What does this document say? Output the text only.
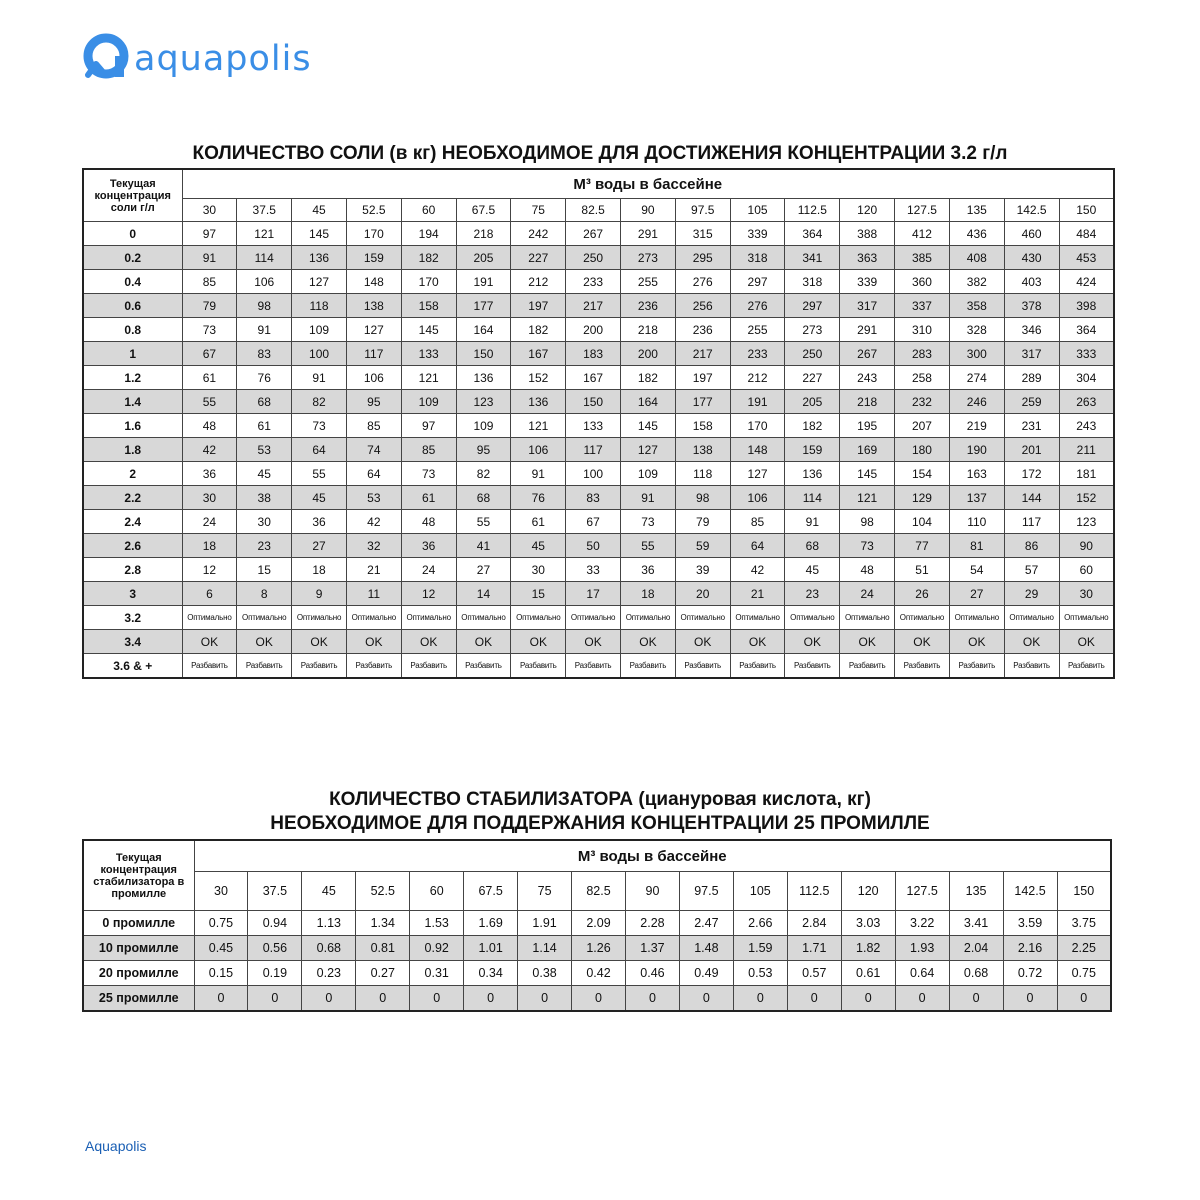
aquapolis
КОЛИЧЕСТВО СОЛИ (в кг) НЕОБХОДИМОЕ ДЛЯ ДОСТИЖЕНИЯ КОНЦЕНТРАЦИИ 3.2 г/л
Текущая концентрация соли г/л	М³ воды в бассейне																
	30	37.5	45	52.5	60	67.5	75	82.5	90	97.5	105	112.5	120	127.5	135	142.5	150
0	97	121	145	170	194	218	242	267	291	315	339	364	388	412	436	460	484
0.2	91	114	136	159	182	205	227	250	273	295	318	341	363	385	408	430	453
0.4	85	106	127	148	170	191	212	233	255	276	297	318	339	360	382	403	424
0.6	79	98	118	138	158	177	197	217	236	256	276	297	317	337	358	378	398
0.8	73	91	109	127	145	164	182	200	218	236	255	273	291	310	328	346	364
1	67	83	100	117	133	150	167	183	200	217	233	250	267	283	300	317	333
1.2	61	76	91	106	121	136	152	167	182	197	212	227	243	258	274	289	304
1.4	55	68	82	95	109	123	136	150	164	177	191	205	218	232	246	259	263
1.6	48	61	73	85	97	109	121	133	145	158	170	182	195	207	219	231	243
1.8	42	53	64	74	85	95	106	117	127	138	148	159	169	180	190	201	211
2	36	45	55	64	73	82	91	100	109	118	127	136	145	154	163	172	181
2.2	30	38	45	53	61	68	76	83	91	98	106	114	121	129	137	144	152
2.4	24	30	36	42	48	55	61	67	73	79	85	91	98	104	110	117	123
2.6	18	23	27	32	36	41	45	50	55	59	64	68	73	77	81	86	90
2.8	12	15	18	21	24	27	30	33	36	39	42	45	48	51	54	57	60
3	6	8	9	11	12	14	15	17	18	20	21	23	24	26	27	29	30
3.2	Оптимально	Оптимально	Оптимально	Оптимально	Оптимально	Оптимально	Оптимально	Оптимально	Оптимально	Оптимально	Оптимально	Оптимально	Оптимально	Оптимально	Оптимально	Оптимально	Оптимально
3.4	OK	OK	OK	OK	OK	OK	OK	OK	OK	OK	OK	OK	OK	OK	OK	OK	OK
3.6 & +	Разбавить	Разбавить	Разбавить	Разбавить	Разбавить	Разбавить	Разбавить	Разбавить	Разбавить	Разбавить	Разбавить	Разбавить	Разбавить	Разбавить	Разбавить	Разбавить	Разбавить
КОЛИЧЕСТВО СТАБИЛИЗАТОРА (циануровая кислота, кг)
НЕОБХОДИМОЕ ДЛЯ ПОДДЕРЖАНИЯ КОНЦЕНТРАЦИИ 25 ПРОМИЛЛЕ
Текущая концентрация стабилизатора в промилле	М³ воды в бассейне																
	30	37.5	45	52.5	60	67.5	75	82.5	90	97.5	105	112.5	120	127.5	135	142.5	150
0 промилле	0.75	0.94	1.13	1.34	1.53	1.69	1.91	2.09	2.28	2.47	2.66	2.84	3.03	3.22	3.41	3.59	3.75
10 промилле	0.45	0.56	0.68	0.81	0.92	1.01	1.14	1.26	1.37	1.48	1.59	1.71	1.82	1.93	2.04	2.16	2.25
20 промилле	0.15	0.19	0.23	0.27	0.31	0.34	0.38	0.42	0.46	0.49	0.53	0.57	0.61	0.64	0.68	0.72	0.75
25 промилле	0	0	0	0	0	0	0	0	0	0	0	0	0	0	0	0	0
Aquapolis
